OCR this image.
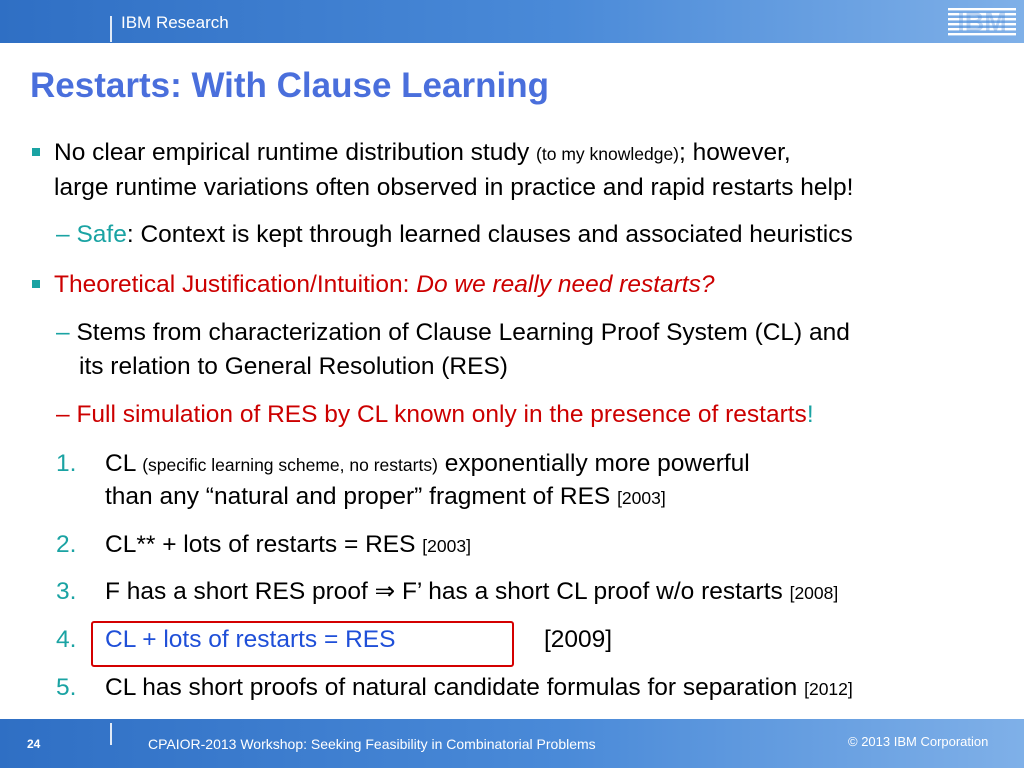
IBM Research	IBM
Restarts: With Clause Learning
No clear empirical runtime distribution study (to my knowledge); however,
large runtime variations often observed in practice and rapid restarts help!
– Safe: Context is kept through learned clauses and associated heuristics
Theoretical Justification/Intuition: Do we really need restarts?
– Stems from characterization of Clause Learning Proof System (CL) and
its relation to General Resolution (RES)
– Full simulation of RES by CL known only in the presence of restarts!
1. CL (specific learning scheme, no restarts) exponentially more powerful
than any “natural and proper” fragment of RES [2003]
2. CL** + lots of restarts = RES [2003]
3. F has a short RES proof ⇒ F’ has a short CL proof w/o restarts [2008]
4. CL + lots of restarts = RES	[2009]
5. CL has short proofs of natural candidate formulas for separation [2012]
24	CPAIOR-2013 Workshop: Seeking Feasibility in Combinatorial Problems	© 2013 IBM Corporation
